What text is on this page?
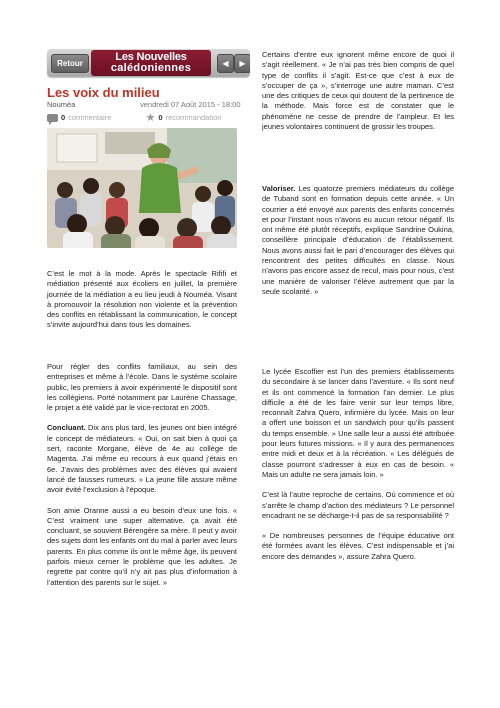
Retour
Les Nouvelles
calédoniennes	◀ ▶
Les voix du milieu
Nouméa	vendredi 07 Août 2015 - 18:00
0 commentaire	★ 0 recommandation

C’est le mot à la mode. Après le spectacle Rififi et médiation présenté aux écoliers en juillet, la première journée de la médiation a eu lieu jeudi à Nouméa. Visant à promouvoir la résolution non violente et la prévention des conflits en rétablissant la communication, le concept s’invite aujourd’hui dans tous les domaines.

Pour régler des conflits familiaux, au sein des entreprises et même à l’école. Dans le système scolaire public, les premiers à avoir expérimenté le dispositif sont les collégiens. Porté notamment par Laurène Chassage, le projet a été validé par le vice-rectorat en 2005.

Concluant. Dix ans plus tard, les jeunes ont bien intégré le concept de médiateurs. « Oui, on sait bien à quoi ça sert, raconte Morgane, élève de 4e au collège de Magenta. J’ai même eu recours à eux quand j’étais en 6e. J’avais des problèmes avec des élèves qui avaient lancé de fausses rumeurs. » La jeune fille assure même avoir évité l’exclusion à l’époque.

Son amie Oranne aussi a eu besoin d’eux une fois. « C’est vraiment une super alternative. ça avait été concluant, se souvient Bérengère sa mère. Il peut y avoir des sujets dont les enfants ont du mal à parler avec leurs parents. En plus comme ils ont le même âge, ils peuvent parfois mieux cerner le problème que les adultes. Je regrette par contre qu’il n’y ait pas plus d’information à l’attention des parents sur le sujet. »

Certains d’entre eux ignorent même encore de quoi il s’agit réellement. « Je n’ai pas très bien compris de quel type de conflits il s’agit. Est-ce que c’est à eux de s’occuper de ça », s’interroge une autre maman. C’est une des critiques de ceux qui doutent de la pertinence de la méthode. Mais force est de constater que le phénomène ne cesse de prendre de l’ampleur. Et les jeunes volontaires continuent de grossir les troupes.

Valoriser. Les quatorze premiers médiateurs du collège de Tuband sont en formation depuis cette année. « Un courrier a été envoyé aux parents des enfants concernés et pour l’instant nous n’avons eu aucun retour négatif. Ils ont même été plutôt réceptifs, explique Sandrine Oukina, conseillère principale d’éducation de l’établissement. Nous avons aussi fait le pari d’encourager des élèves qui rencontrent des petites difficultés en classe. Nous n’avons pas encore assez de recul, mais pour nous, c’est une manière de valoriser l’élève autrement que par la seule scolarité. »

Le lycée Escoffier est l’un des premiers établissements du secondaire à se lancer dans l’aventure. « Ils sont neuf et ils ont commencé la formation l’an dernier. Le plus difficile a été de les faire venir sur leur temps libre, reconnaît Zahra Quero, infirmière du lycée. Mais on leur a offert une boisson et un sandwich pour qu’ils passent du temps ensemble. » Une salle leur a aussi été attribuée pour leurs futures missions. « Il y aura des permanences entre midi et deux et à la récréation. « Les délégués de classe pourront s’adresser à eux en cas de besoin. « Mais un adulte ne sera jamais loin. »

C’est là l’autre reproche de certains. Où commence et où s’arrête le champ d’action des médiateurs ? Le personnel encadrant ne se décharge-t-il pas de sa responsabilité ?

« De nombreuses personnes de l’équipe éducative ont été formées avant les élèves. C’est indispensable et j’ai encore des demandes », assure Zahra Quero.
